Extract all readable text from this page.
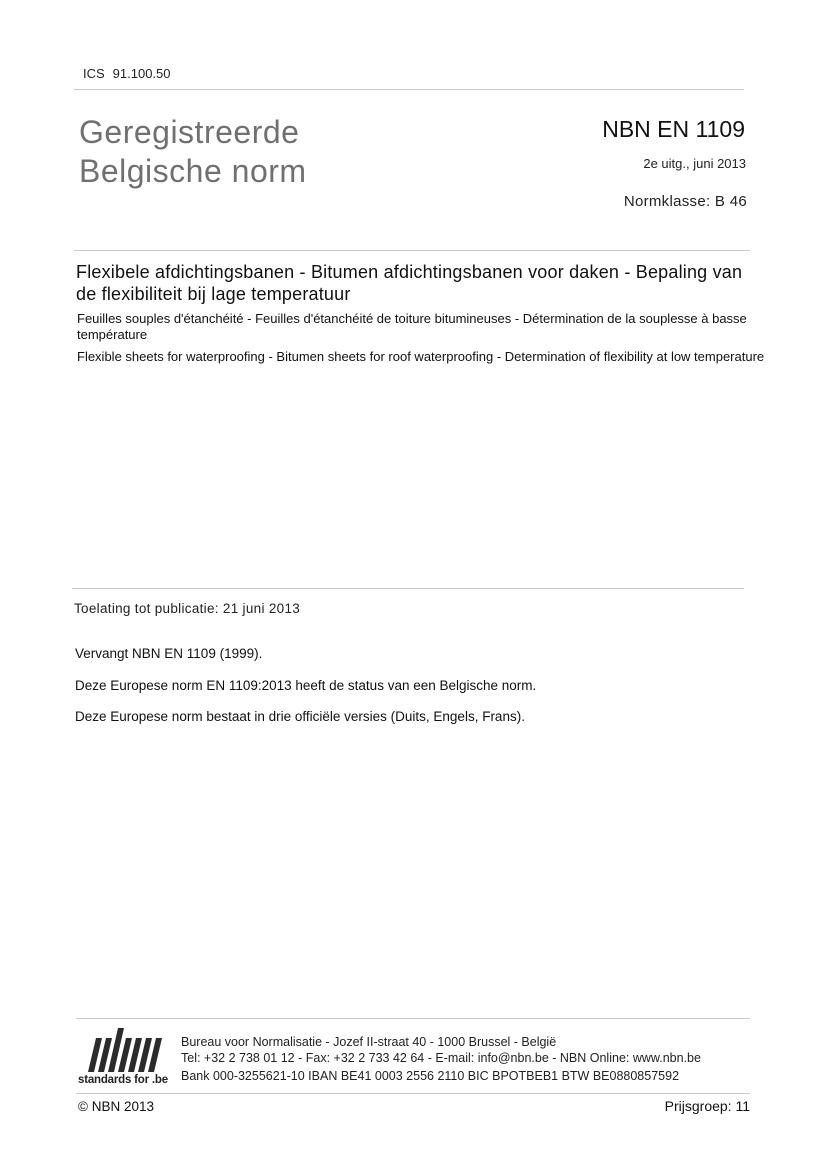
ICS 91.100.50
Geregistreerde
Belgische norm
NBN EN 1109
2e uitg., juni 2013
Normklasse: B 46
Flexibele afdichtingsbanen - Bitumen afdichtingsbanen voor daken - Bepaling van de flexibiliteit bij lage temperatuur
Feuilles souples d'étanchéité - Feuilles d'étanchéité de toiture bitumineuses - Détermination de la souplesse à basse température
Flexible sheets for waterproofing - Bitumen sheets for roof waterproofing - Determination of flexibility at low temperature
Toelating tot publicatie: 21 juni 2013

Vervangt NBN EN 1109 (1999).

Deze Europese norm EN 1109:2013 heeft de status van een Belgische norm.

Deze Europese norm bestaat in drie officiële versies (Duits, Engels, Frans).

standards for .be
Bureau voor Normalisatie - Jozef II-straat 40 - 1000 Brussel - België
Tel: +32 2 738 01 12 - Fax: +32 2 733 42 64 - E-mail: info@nbn.be - NBN Online: www.nbn.be
Bank 000-3255621-10 IBAN BE41 0003 2556 2110 BIC BPOTBEB1 BTW BE0880857592
© NBN 2013	Prijsgroep: 11
